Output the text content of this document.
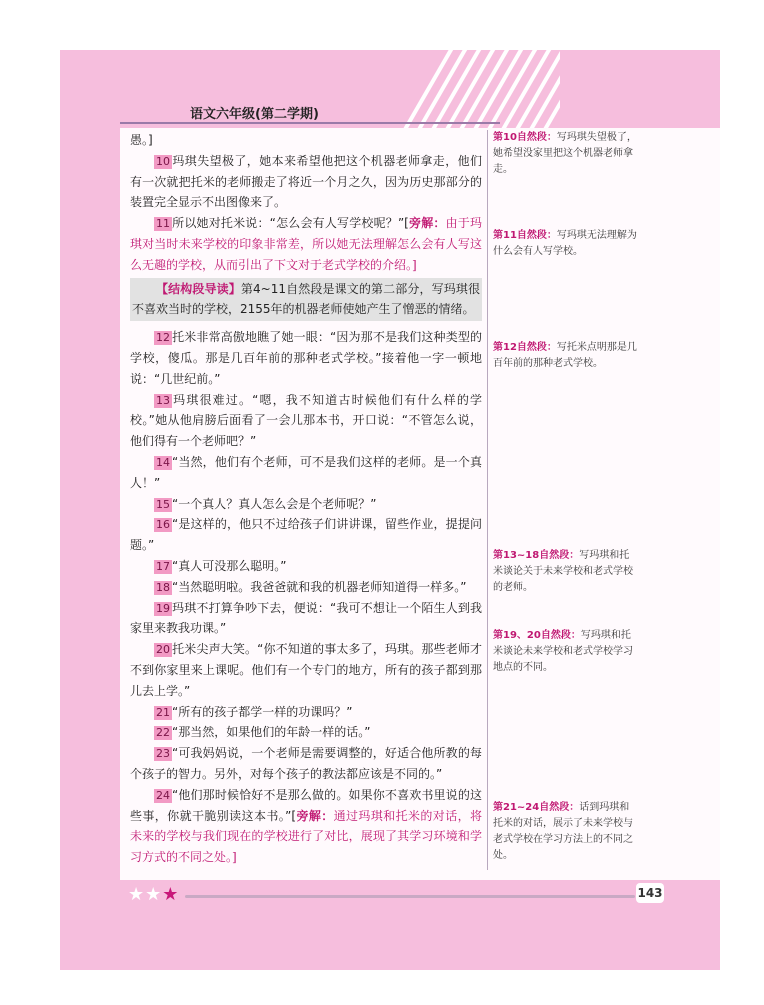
语文六年级(第二学期)

愚。]

10 玛琪失望极了，她本来希望他把这个机器老师拿走，他们有一次就把托米的老师搬走了将近一个月之久，因为历史那部分的装置完全显示不出图像来了。

11 所以她对托米说：“怎么会有人写学校呢？”[旁解：由于玛琪对当时未来学校的印象非常差，所以她无法理解怎么会有人写这么无趣的学校，从而引出了下文对于老式学校的介绍。]

【结构段导读】第4~11自然段是课文的第二部分，写玛琪很不喜欢当时的学校，2155年的机器老师使她产生了憎恶的情绪。

12 托米非常高傲地瞧了她一眼：“因为那不是我们这种类型的学校，傻瓜。那是几百年前的那种老式学校。”接着他一字一顿地说：“几世纪前。”

13 玛琪很难过。“嗯，我不知道古时候他们有什么样的学校。”她从他肩膀后面看了一会儿那本书，开口说：“不管怎么说，他们得有一个老师吧？”

14 “当然，他们有个老师，可不是我们这样的老师。是一个真人！”

15 “一个真人？真人怎么会是个老师呢？”

16 “是这样的，他只不过给孩子们讲讲课，留些作业，提提问题。”

17 “真人可没那么聪明。”

18 “当然聪明啦。我爸爸就和我的机器老师知道得一样多。”

19 玛琪不打算争吵下去，便说：“我可不想让一个陌生人到我家里来教我功课。”

20 托米尖声大笑。“你不知道的事太多了，玛琪。那些老师才不到你家里来上课呢。他们有一个专门的地方，所有的孩子都到那儿去上学。”

21 “所有的孩子都学一样的功课吗？”

22 “那当然，如果他们的年龄一样的话。”

23 “可我妈妈说，一个老师是需要调整的，好适合他所教的每个孩子的智力。另外，对每个孩子的教法都应该是不同的。”

24 “他们那时候恰好不是那么做的。如果你不喜欢书里说的这些事，你就干脆别读这本书。”[旁解：通过玛琪和托米的对话，将未来的学校与我们现在的学校进行了对比，展现了其学习环境和学习方式的不同之处。]

第10自然段：写玛琪失望极了，她希望没家里把这个机器老师拿走。
第11自然段：写玛琪无法理解为什么会有人写学校。
第12自然段：写托米点明那是几百年前的那种老式学校。
第13~18自然段：写玛琪和托米谈论关于未来学校和老式学校的老师。
第19、20自然段：写玛琪和托米谈论未来学校和老式学校学习地点的不同。
第21~24自然段：话到玛琪和托米的对话，展示了未来学校与老式学校在学习方法上的不同之处。
★★★	143
